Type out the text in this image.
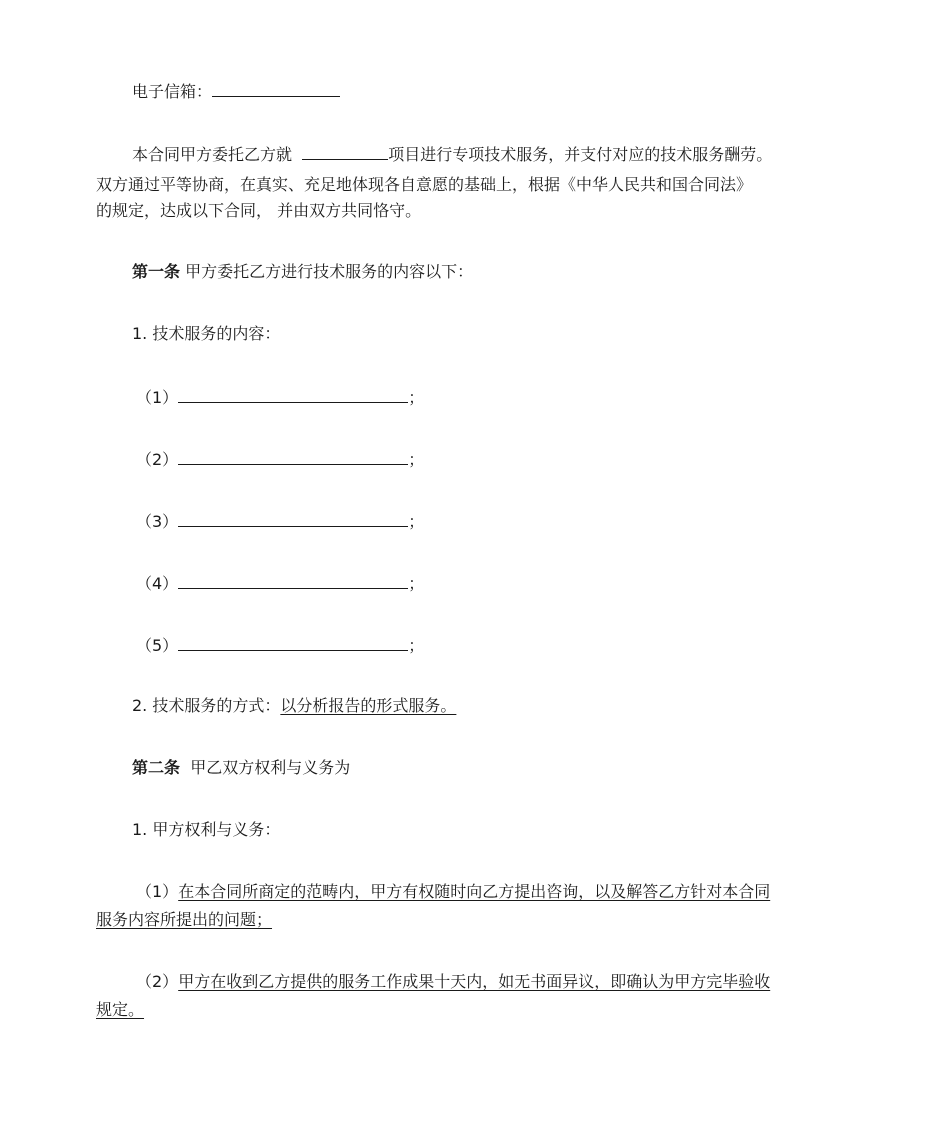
电子信箱：
本合同甲方委托乙方就	项目进行专项技术服务，并支付对应的技术服务酬劳。
双方通过平等协商，在真实、充足地体现各自意愿的基础上，根据《中华人民共和国合同法》
的规定，达成以下合同， 并由双方共同恪守。
第一条 甲方委托乙方进行技术服务的内容以下：
1. 技术服务的内容：
（1）	；
（2）	；
（3）	；
（4）	；
（5）	；
2. 技术服务的方式：以分析报告的形式服务。
第二条 甲乙双方权利与义务为
1. 甲方权利与义务：
（1）在本合同所商定的范畴内，甲方有权随时向乙方提出咨询，以及解答乙方针对本合同
服务内容所提出的问题；
（2）甲方在收到乙方提供的服务工作成果十天内，如无书面异议，即确认为甲方完毕验收
规定。
